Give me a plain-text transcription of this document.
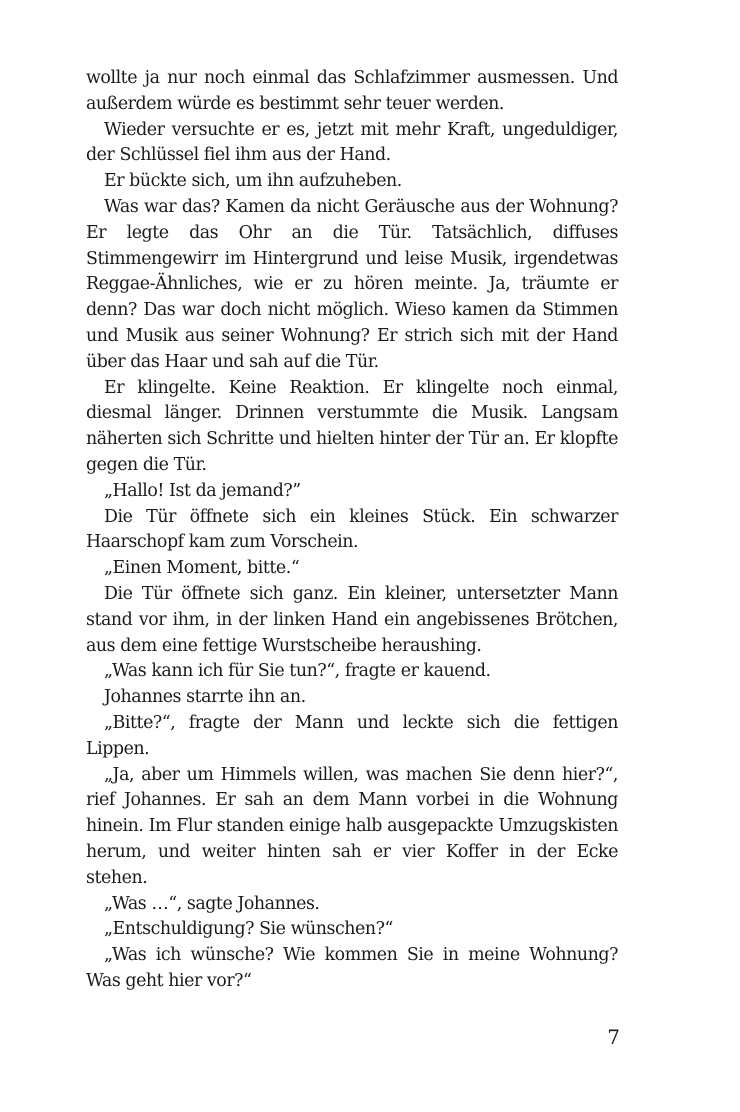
wollte ja nur noch einmal das Schlafzimmer ausmessen. Und außerdem würde es bestimmt sehr teuer werden.

Wieder versuchte er es, jetzt mit mehr Kraft, ungeduldiger, der Schlüssel fiel ihm aus der Hand.

Er bückte sich, um ihn aufzuheben.

Was war das? Kamen da nicht Geräusche aus der Wohnung? Er legte das Ohr an die Tür. Tatsächlich, diffuses Stimmengewirr im Hintergrund und leise Musik, irgendetwas Reggae-Ähnliches, wie er zu hören meinte. Ja, träumte er denn? Das war doch nicht möglich. Wieso kamen da Stimmen und Musik aus seiner Wohnung? Er strich sich mit der Hand über das Haar und sah auf die Tür.

Er klingelte. Keine Reaktion. Er klingelte noch einmal, diesmal länger. Drinnen verstummte die Musik. Langsam näherten sich Schritte und hielten hinter der Tür an. Er klopfte gegen die Tür.

„Hallo! Ist da jemand?”

Die Tür öffnete sich ein kleines Stück. Ein schwarzer Haarschopf kam zum Vorschein.

„Einen Moment, bitte.“

Die Tür öffnete sich ganz. Ein kleiner, untersetzter Mann stand vor ihm, in der linken Hand ein angebissenes Brötchen, aus dem eine fettige Wurstscheibe heraushing.

„Was kann ich für Sie tun?“, fragte er kauend.

Johannes starrte ihn an.

„Bitte?“, fragte der Mann und leckte sich die fettigen Lippen.

„Ja, aber um Himmels willen, was machen Sie denn hier?“, rief Johannes. Er sah an dem Mann vorbei in die Wohnung hinein. Im Flur standen einige halb ausgepackte Umzugskisten herum, und weiter hinten sah er vier Koffer in der Ecke stehen.

„Was …“, sagte Johannes.

„Entschuldigung? Sie wünschen?“

„Was ich wünsche? Wie kommen Sie in meine Wohnung? Was geht hier vor?“

7
